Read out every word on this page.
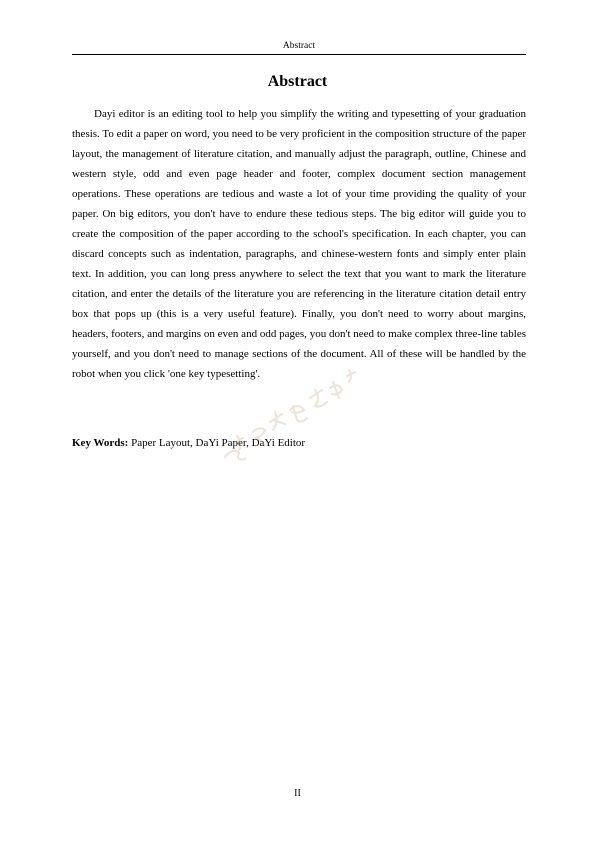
Abstract
Abstract

Dayi editor is an editing tool to help you simplify the writing and typesetting of your graduation thesis. To edit a paper on word, you need to be very proficient in the composition structure of the paper layout, the management of literature citation, and manually adjust the paragraph, outline, Chinese and western style, odd and even page header and footer, complex document section management operations. These operations are tedious and waste a lot of your time providing the quality of your paper. On big editors, you don't have to endure these tedious steps. The big editor will guide you to create the composition of the paper according to the school's specification. In each chapter, you can discard concepts such as indentation, paragraphs, and chinese-western fonts and simply enter plain text. In addition, you can long press anywhere to select the text that you want to mark the literature citation, and enter the details of the literature you are referencing in the literature citation detail entry box that pops up (this is a very useful feature). Finally, you don't need to worry about margins, headers, footers, and margins on even and odd pages, you don't need to make complex three-line tables yourself, and you don't need to manage sections of the document. All of these will be handled by the robot when you click 'one key typesetting'.

Key Words: Paper Layout, DaYi Paper, DaYi Editor

II
